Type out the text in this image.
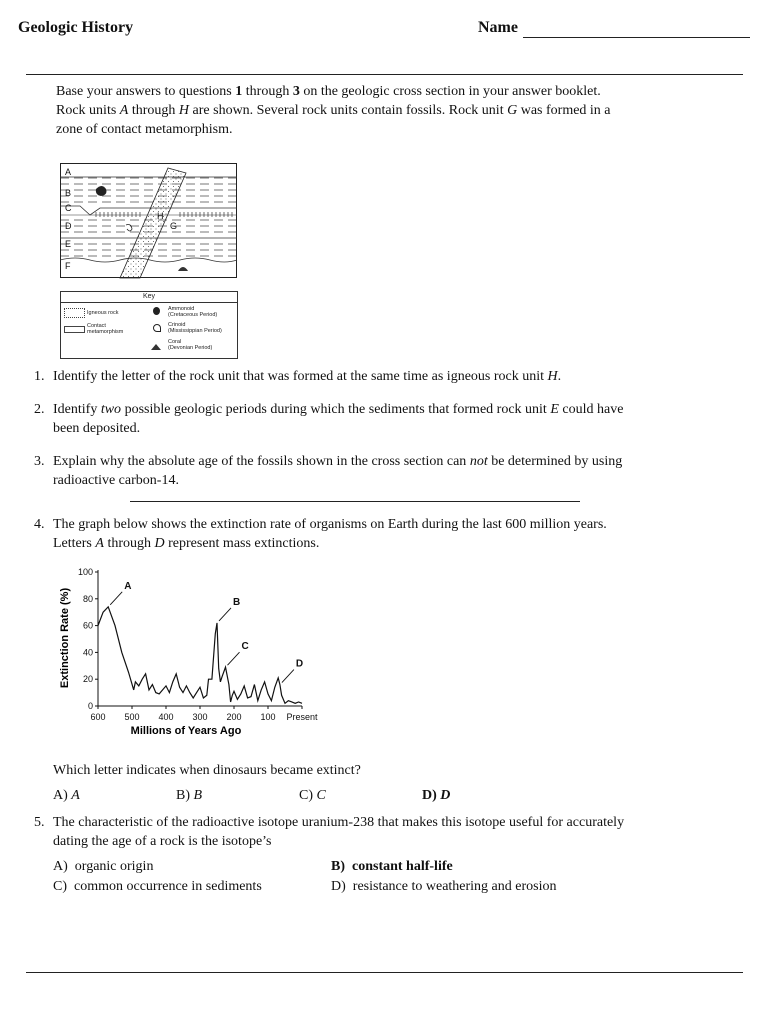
Geologic History	Name
Base your answers to questions 1 through 3 on the geologic cross section in your answer booklet.
Rock units A through H are shown. Several rock units contain fossils. Rock unit G was formed in a
zone of contact metamorphism.
A
B
C
D
E
F
H
G
Key
Igneous rock
Contact
metamorphism
Ammonoid
(Cretaceous Period)
Crinoid
(Mississippian Period)
Coral
(Devonian Period)
1. Identify the letter of the rock unit that was formed at the same time as igneous rock unit H.
2. Identify two possible geologic periods during which the sediments that formed rock unit E could have
been deposited.
3. Explain why the absolute age of the fossils shown in the cross section can not be determined by using
radioactive carbon-14.
4. The graph below shows the extinction rate of organisms on Earth during the last 600 million years.
Letters A through D represent mass extinctions.
0
20
40
60
80
100
600 500 400 300 200 100 Present
A
B
C
D
Extinction Rate (%)
Millions of Years Ago
Which letter indicates when dinosaurs became extinct?
A) A	B) B	C) C	D) D
5. The characteristic of the radioactive isotope uranium-238 that makes this isotope useful for accurately
dating the age of a rock is the isotope’s
A) organic origin	B) constant half-life
C) common occurrence in sediments	D) resistance to weathering and erosion
